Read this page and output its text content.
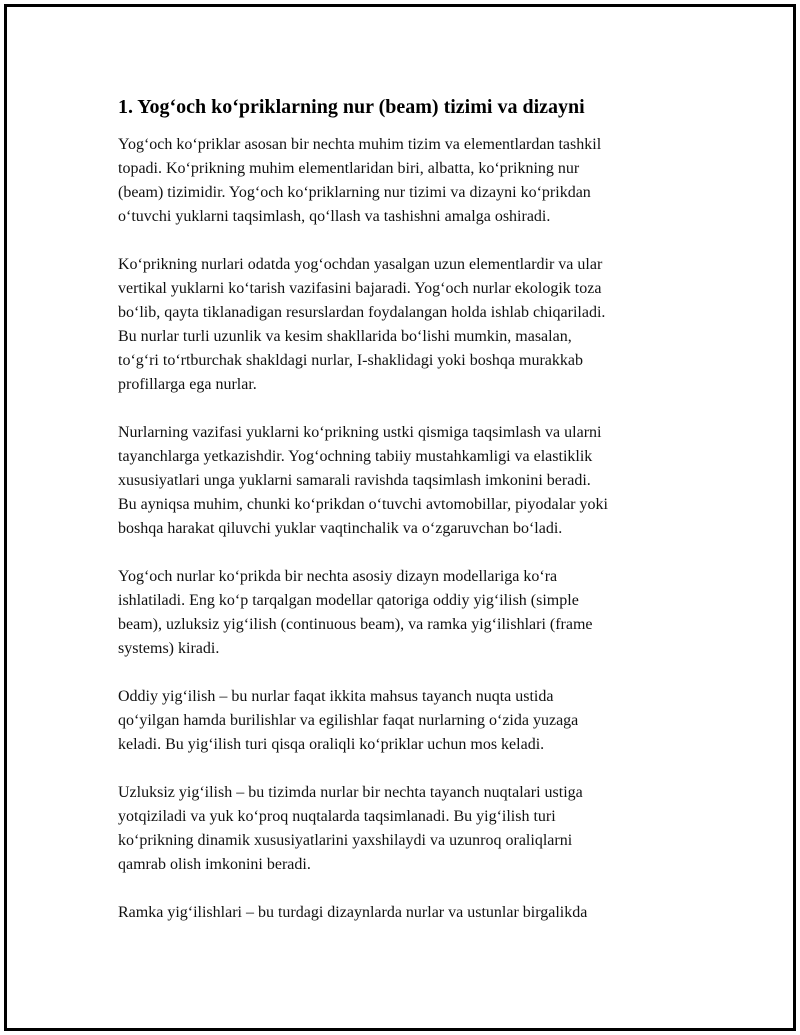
1. Yog‘och ko‘priklarning nur (beam) tizimi va dizayni

Yog‘och ko‘priklar asosan bir nechta muhim tizim va elementlardan tashkil
topadi. Ko‘prikning muhim elementlaridan biri, albatta, ko‘prikning nur
(beam) tizimidir. Yog‘och ko‘priklarning nur tizimi va dizayni ko‘prikdan
o‘tuvchi yuklarni taqsimlash, qo‘llash va tashishni amalga oshiradi.

Ko‘prikning nurlari odatda yog‘ochdan yasalgan uzun elementlardir va ular
vertikal yuklarni ko‘tarish vazifasini bajaradi. Yog‘och nurlar ekologik toza
bo‘lib, qayta tiklanadigan resurslardan foydalangan holda ishlab chiqariladi.
Bu nurlar turli uzunlik va kesim shakllarida bo‘lishi mumkin, masalan,
to‘g‘ri to‘rtburchak shakldagi nurlar, I-shaklidagi yoki boshqa murakkab
profillarga ega nurlar.

Nurlarning vazifasi yuklarni ko‘prikning ustki qismiga taqsimlash va ularni
tayanchlarga yetkazishdir. Yog‘ochning tabiiy mustahkamligi va elastiklik
xususiyatlari unga yuklarni samarali ravishda taqsimlash imkonini beradi.
Bu ayniqsa muhim, chunki ko‘prikdan o‘tuvchi avtomobillar, piyodalar yoki
boshqa harakat qiluvchi yuklar vaqtinchalik va o‘zgaruvchan bo‘ladi.

Yog‘och nurlar ko‘prikda bir nechta asosiy dizayn modellariga ko‘ra
ishlatiladi. Eng ko‘p tarqalgan modellar qatoriga oddiy yig‘ilish (simple
beam), uzluksiz yig‘ilish (continuous beam), va ramka yig‘ilishlari (frame
systems) kiradi.

Oddiy yig‘ilish – bu nurlar faqat ikkita mahsus tayanch nuqta ustida
qo‘yilgan hamda burilishlar va egilishlar faqat nurlarning o‘zida yuzaga
keladi. Bu yig‘ilish turi qisqa oraliqli ko‘priklar uchun mos keladi.

Uzluksiz yig‘ilish – bu tizimda nurlar bir nechta tayanch nuqtalari ustiga
yotqiziladi va yuk ko‘proq nuqtalarda taqsimlanadi. Bu yig‘ilish turi
ko‘prikning dinamik xususiyatlarini yaxshilaydi va uzunroq oraliqlarni
qamrab olish imkonini beradi.

Ramka yig‘ilishlari – bu turdagi dizaynlarda nurlar va ustunlar birgalikda
